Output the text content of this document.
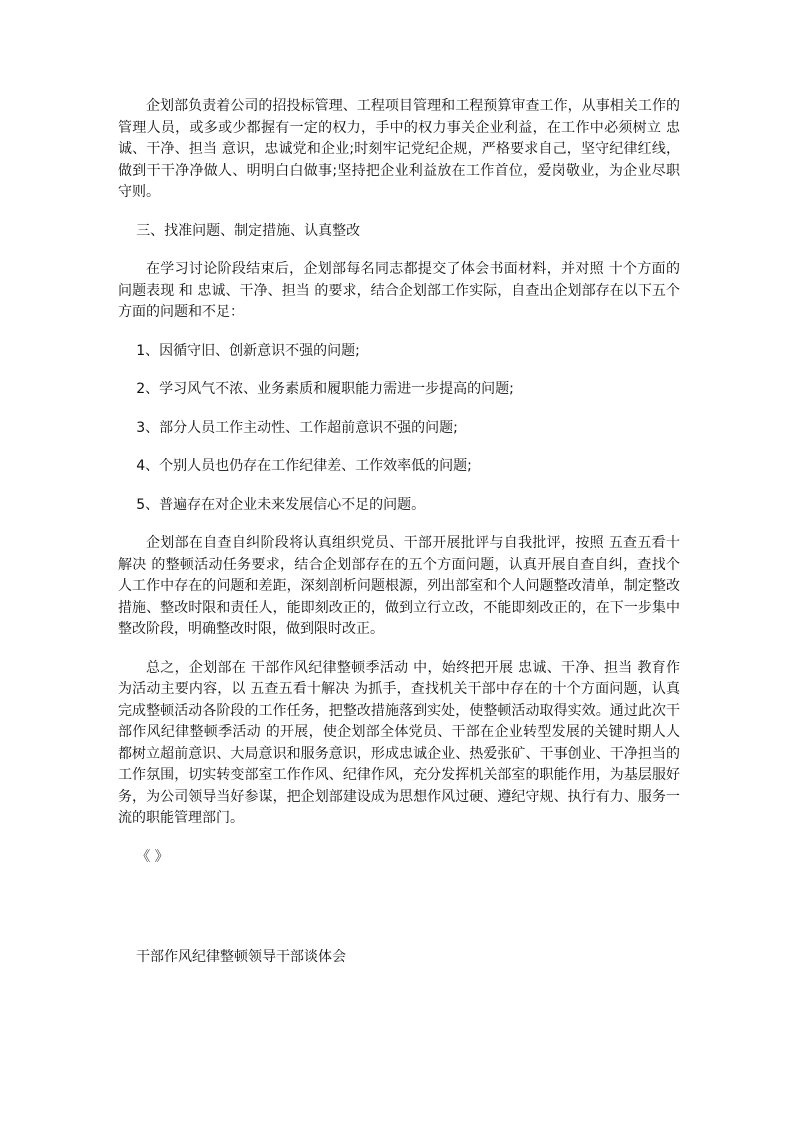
企划部负责着公司的招投标管理、工程项目管理和工程预算审查工作，从事相关工作的管理人员，或多或少都握有一定的权力，手中的权力事关企业利益，在工作中必须树立 忠诚、干净、担当 意识，忠诚党和企业;时刻牢记党纪企规，严格要求自己，坚守纪律红线，做到干干净净做人、明明白白做事;坚持把企业利益放在工作首位，爱岗敬业，为企业尽职守则。

三、找准问题、制定措施、认真整改

在学习讨论阶段结束后，企划部每名同志都提交了体会书面材料，并对照 十个方面的问题表现 和 忠诚、干净、担当 的要求，结合企划部工作实际，自查出企划部存在以下五个方面的问题和不足：

1、因循守旧、创新意识不强的问题;

2、学习风气不浓、业务素质和履职能力需进一步提高的问题;

3、部分人员工作主动性、工作超前意识不强的问题;

4、个别人员也仍存在工作纪律差、工作效率低的问题;

5、普遍存在对企业未来发展信心不足的问题。

企划部在自查自纠阶段将认真组织党员、干部开展批评与自我批评，按照 五查五看十解决 的整顿活动任务要求，结合企划部存在的五个方面问题，认真开展自查自纠，查找个人工作中存在的问题和差距，深刻剖析问题根源，列出部室和个人问题整改清单，制定整改措施、整改时限和责任人，能即刻改正的，做到立行立改，不能即刻改正的，在下一步集中整改阶段，明确整改时限，做到限时改正。

总之，企划部在 干部作风纪律整顿季活动 中，始终把开展 忠诚、干净、担当 教育作为活动主要内容，以 五查五看十解决 为抓手，查找机关干部中存在的十个方面问题，认真完成整顿活动各阶段的工作任务，把整改措施落到实处，使整顿活动取得实效。通过此次干部作风纪律整顿季活动 的开展，使企划部全体党员、干部在企业转型发展的关键时期人人都树立超前意识、大局意识和服务意识，形成忠诚企业、热爱张矿、干事创业、干净担当的工作氛围，切实转变部室工作作风、纪律作风，充分发挥机关部室的职能作用，为基层服好务，为公司领导当好参谋，把企划部建设成为思想作风过硬、遵纪守规、执行有力、服务一流的职能管理部门。

《 》

干部作风纪律整顿领导干部谈体会
